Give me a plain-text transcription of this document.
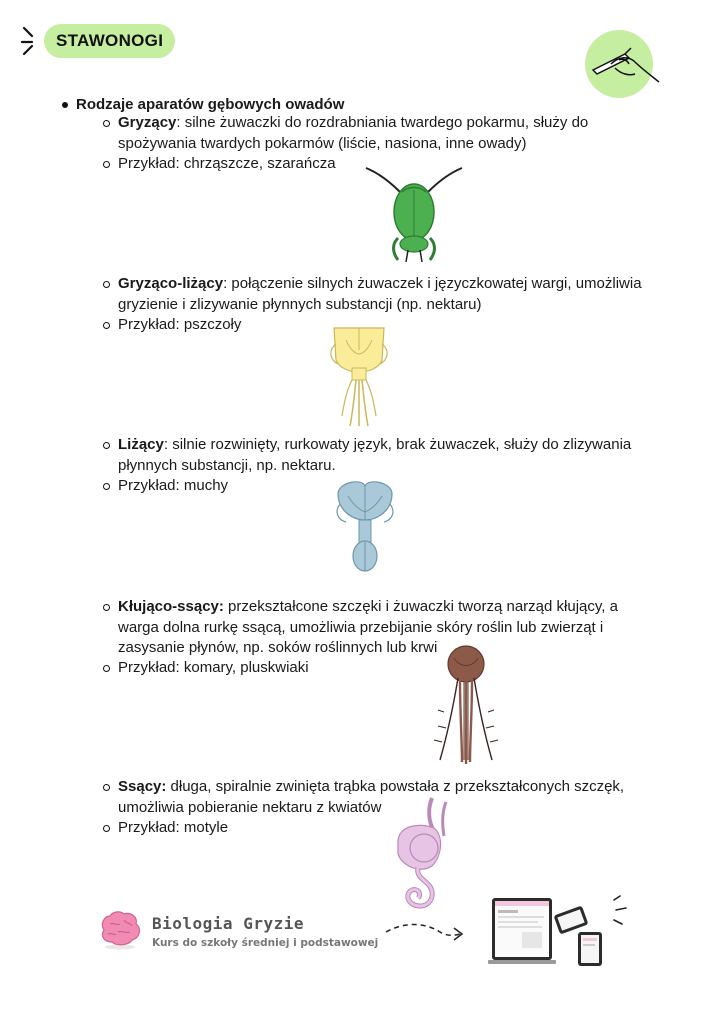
STAWONOGI
Rodzaje aparatów gębowych owadów
Gryzący: silne żuwaczki do rozdrabniania twardego pokarmu, służy do spożywania twardych pokarmów (liście, nasiona, inne owady)
Przykład: chrząszcze, szarańcza
Gryząco-liżący: połączenie silnych żuwaczek i języczkowatej wargi, umożliwia gryzienie i zlizywanie płynnych substancji (np. nektaru)
Przykład: pszczoły
Liżący: silnie rozwinięty, rurkowaty język, brak żuwaczek, służy do zlizywania płynnych substancji, np. nektaru.
Przykład: muchy
Kłująco-ssący: przekształcone szczęki i żuwaczki tworzą narząd kłujący, a warga dolna rurkę ssącą, umożliwia przebijanie skóry roślin lub zwierząt i zasysanie płynów, np. soków roślinnych lub krwi
Przykład: komary, pluskwiaki
Ssący: długa, spiralnie zwinięta trąbka powstała z przekształconych szczęk, umożliwia pobieranie nektaru z kwiatów
Przykład: motyle
Biologia Gryzie
Kurs do szkoły średniej i podstawowej
